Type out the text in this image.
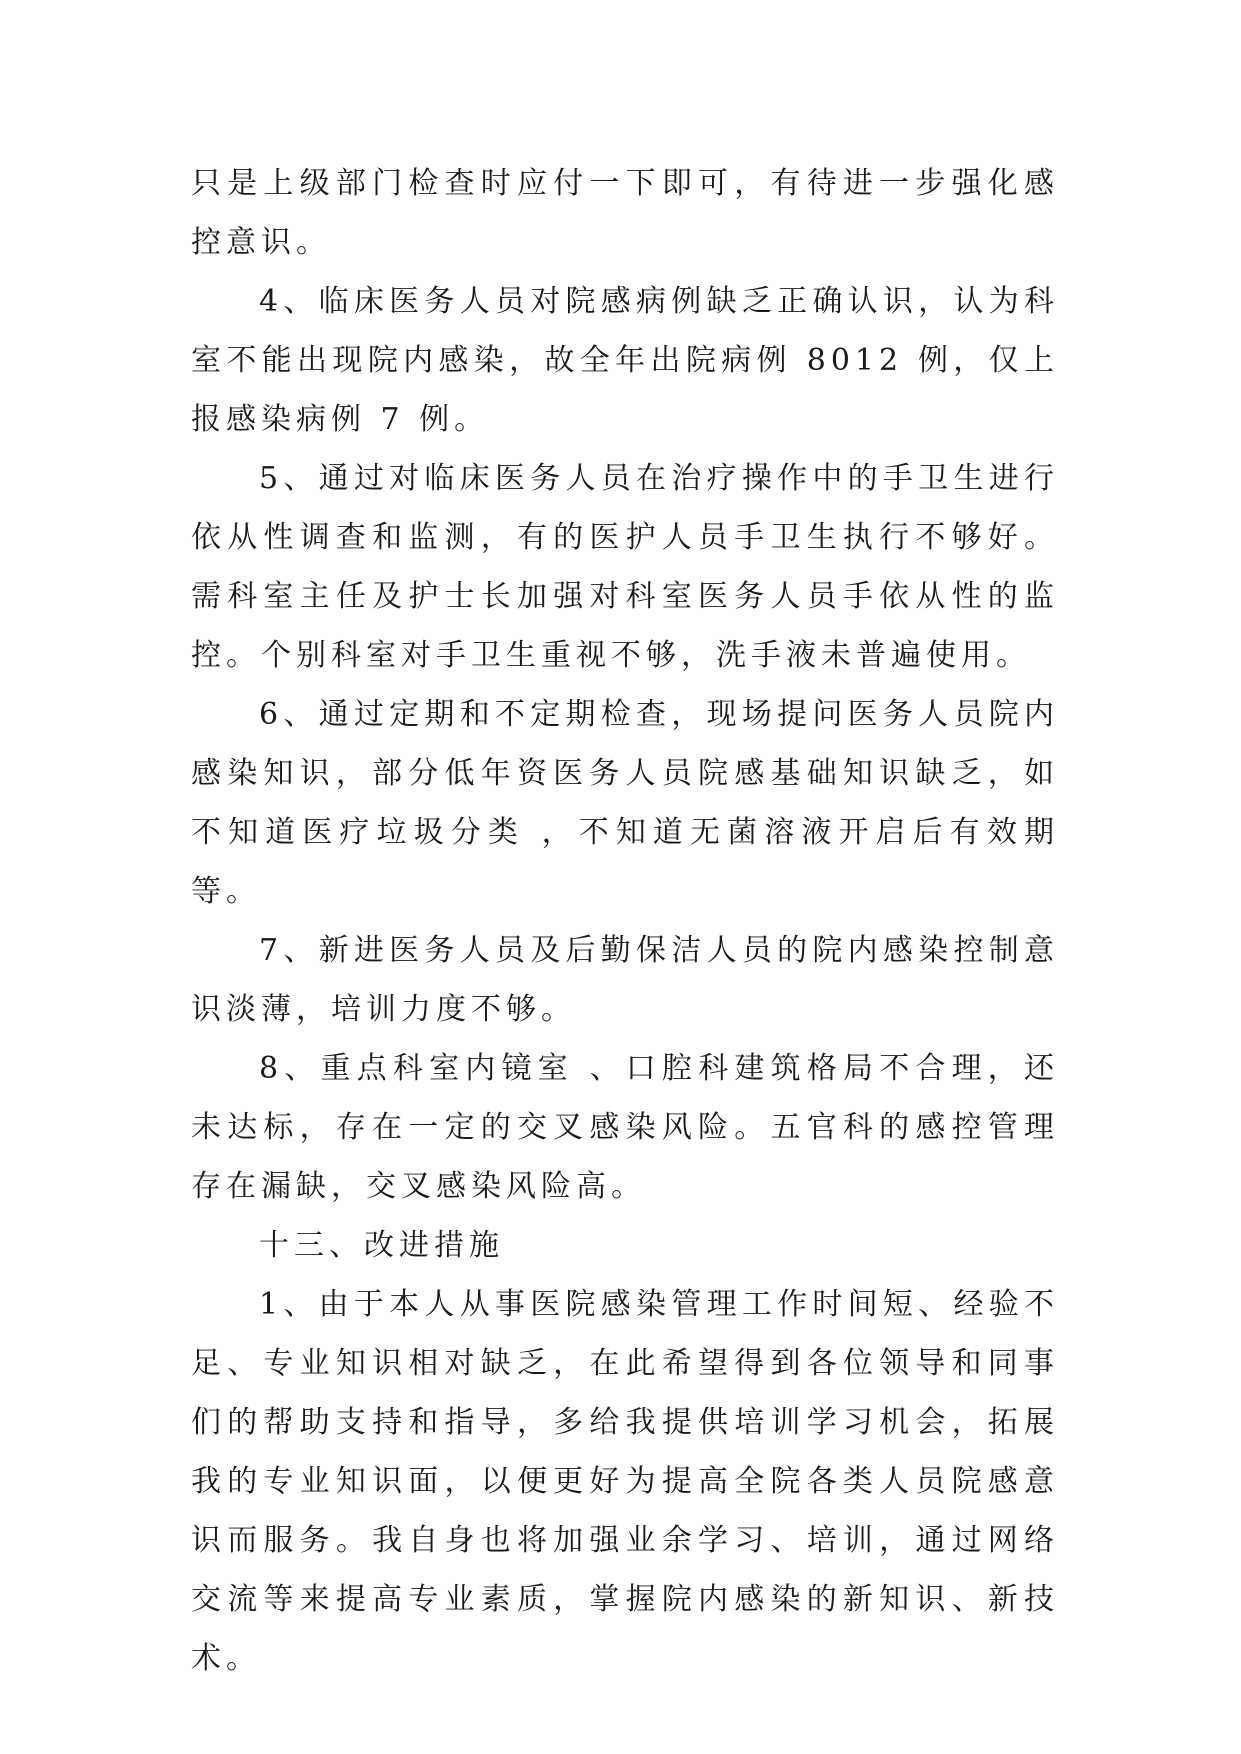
只是上级部门检查时应付一下即可，有待进一步强化感控意识。

4、临床医务人员对院感病例缺乏正确认识，认为科室不能出现院内感染，故全年出院病例 8012 例，仅上报感染病例 7 例。

5、通过对临床医务人员在治疗操作中的手卫生进行依从性调查和监测，有的医护人员手卫生执行不够好。需科室主任及护士长加强对科室医务人员手依从性的监控。个别科室对手卫生重视不够，洗手液未普遍使用。

6、通过定期和不定期检查，现场提问医务人员院内感染知识，部分低年资医务人员院感基础知识缺乏，如不知道医疗垃圾分类 ，不知道无菌溶液开启后有效期等。

7、新进医务人员及后勤保洁人员的院内感染控制意识淡薄，培训力度不够。

8、重点科室内镜室 、口腔科建筑格局不合理，还未达标，存在一定的交叉感染风险。五官科的感控管理存在漏缺，交叉感染风险高。

十三、改进措施

1、由于本人从事医院感染管理工作时间短、经验不足、专业知识相对缺乏，在此希望得到各位领导和同事们的帮助支持和指导，多给我提供培训学习机会，拓展我的专业知识面，以便更好为提高全院各类人员院感意识而服务。我自身也将加强业余学习、培训，通过网络交流等来提高专业素质，掌握院内感染的新知识、新技术。
